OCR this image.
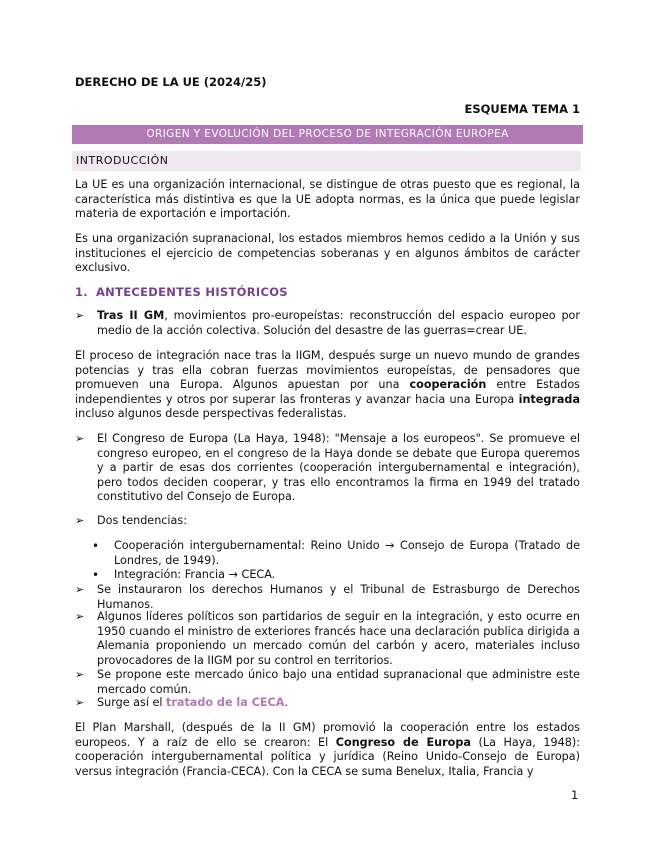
DERECHO DE LA UE (2024/25)
ESQUEMA TEMA 1
ORIGEN Y EVOLUCIÓN DEL PROCESO DE INTEGRACIÓN EUROPEA
INTRODUCCIÓN
La UE es una organización internacional, se distingue de otras puesto que es regional, la característica más distintiva es que la UE adopta normas, es la única que puede legislar materia de exportación e importación.
Es una organización supranacional, los estados miembros hemos cedido a la Unión y sus instituciones el ejercicio de competencias soberanas y en algunos ámbitos de carácter exclusivo.
1. ANTECEDENTES HISTÓRICOS
➢	Tras II GM, movimientos pro-europeístas: reconstrucción del espacio europeo por medio de la acción colectiva. Solución del desastre de las guerras=crear UE.
El proceso de integración nace tras la IIGM, después surge un nuevo mundo de grandes potencias y tras ella cobran fuerzas movimientos europeístas, de pensadores que promueven una Europa. Algunos apuestan por una cooperación entre Estados independientes y otros por superar las fronteras y avanzar hacia una Europa integrada incluso algunos desde perspectivas federalistas.
➢	El Congreso de Europa (La Haya, 1948): "Mensaje a los europeos". Se promueve el congreso europeo, en el congreso de la Haya donde se debate que Europa queremos y a partir de esas dos corrientes (cooperación intergubernamental e integración), pero todos deciden cooperar, y tras ello encontramos la firma en 1949 del tratado constitutivo del Consejo de Europa.
➢	Dos tendencias:
• Cooperación intergubernamental: Reino Unido → Consejo de Europa (Tratado de Londres, de 1949).
• Integración: Francia → CECA.
➢	Se instauraron los derechos Humanos y el Tribunal de Estrasburgo de Derechos Humanos.
➢	Algunos líderes políticos son partidarios de seguir en la integración, y esto ocurre en 1950 cuando el ministro de exteriores francés hace una declaración publica dirigida a Alemania proponiendo un mercado común del carbón y acero, materiales incluso provocadores de la IIGM por su control en territorios.
➢	Se propone este mercado único bajo una entidad supranacional que administre este mercado común.
➢	Surge así el tratado de la CECA.
El Plan Marshall, (después de la II GM) promovió la cooperación entre los estados europeos. Y a raíz de ello se crearon: El Congreso de Europa (La Haya, 1948): cooperación intergubernamental política y jurídica (Reino Unido-Consejo de Europa) versus integración (Francia-CECA). Con la CECA se suma Benelux, Italia, Francia y
1
